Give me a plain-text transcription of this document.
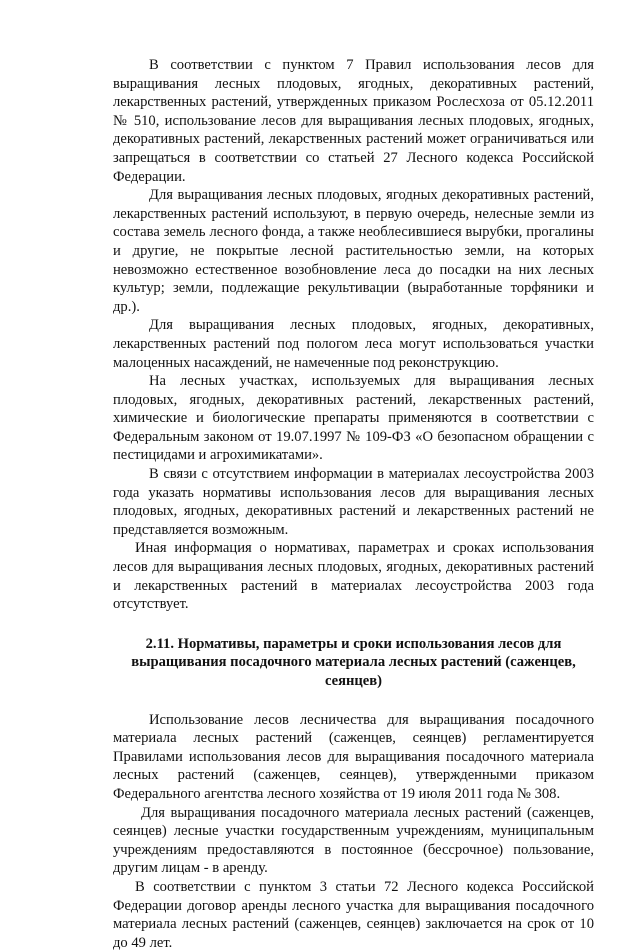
В соответствии с пунктом 7 Правил использования лесов для выращивания лесных плодовых, ягодных, декоративных растений, лекарственных растений, утвержденных приказом Рослесхоза от 05.12.2011 № 510, использование лесов для выращивания лесных плодовых, ягодных, декоративных растений, лекарственных растений может ограничиваться или запрещаться в соответствии со статьей 27 Лесного кодекса Российской Федерации.

Для выращивания лесных плодовых, ягодных декоративных растений, лекарственных растений используют, в первую очередь, нелесные земли из состава земель лесного фонда, а также необлесившиеся вырубки, прогалины и другие, не покрытые лесной растительностью земли, на которых невозможно естественное возобновление леса до посадки на них лесных культур; земли, подлежащие рекультивации (выработанные торфяники и др.).

Для выращивания лесных плодовых, ягодных, декоративных, лекарственных растений под пологом леса могут использоваться участки малоценных насаждений, не намеченные под реконструкцию.

На лесных участках, используемых для выращивания лесных плодовых, ягодных, декоративных растений, лекарственных растений, химические и биологические препараты применяются в соответствии с Федеральным законом от 19.07.1997 № 109-ФЗ «О безопасном обращении с пестицидами и агрохимикатами».

В связи с отсутствием информации в материалах лесоустройства 2003 года указать нормативы использования лесов для выращивания лесных плодовых, ягодных, декоративных растений и лекарственных растений не представляется возможным.

Иная информация о нормативах, параметрах и сроках использования лесов для выращивания лесных плодовых, ягодных, декоративных растений и лекарственных растений в материалах лесоустройства 2003 года отсутствует.

2.11. Нормативы, параметры и сроки использования лесов для выращивания посадочного материала лесных растений (саженцев, сеянцев)

Использование лесов лесничества для выращивания посадочного материала лесных растений (саженцев, сеянцев) регламентируется Правилами использования лесов для выращивания посадочного материала лесных растений (саженцев, сеянцев), утвержденными приказом Федерального агентства лесного хозяйства от 19 июля 2011 года № 308.

Для выращивания посадочного материала лесных растений (саженцев, сеянцев) лесные участки государственным учреждениям, муниципальным учреждениям предоставляются в постоянное (бессрочное) пользование, другим лицам - в аренду.

В соответствии с пунктом 3 статьи 72 Лесного кодекса Российской Федерации договор аренды лесного участка для выращивания посадочного материала лесных растений (саженцев, сеянцев) заключается на срок от 10 до 49 лет.
